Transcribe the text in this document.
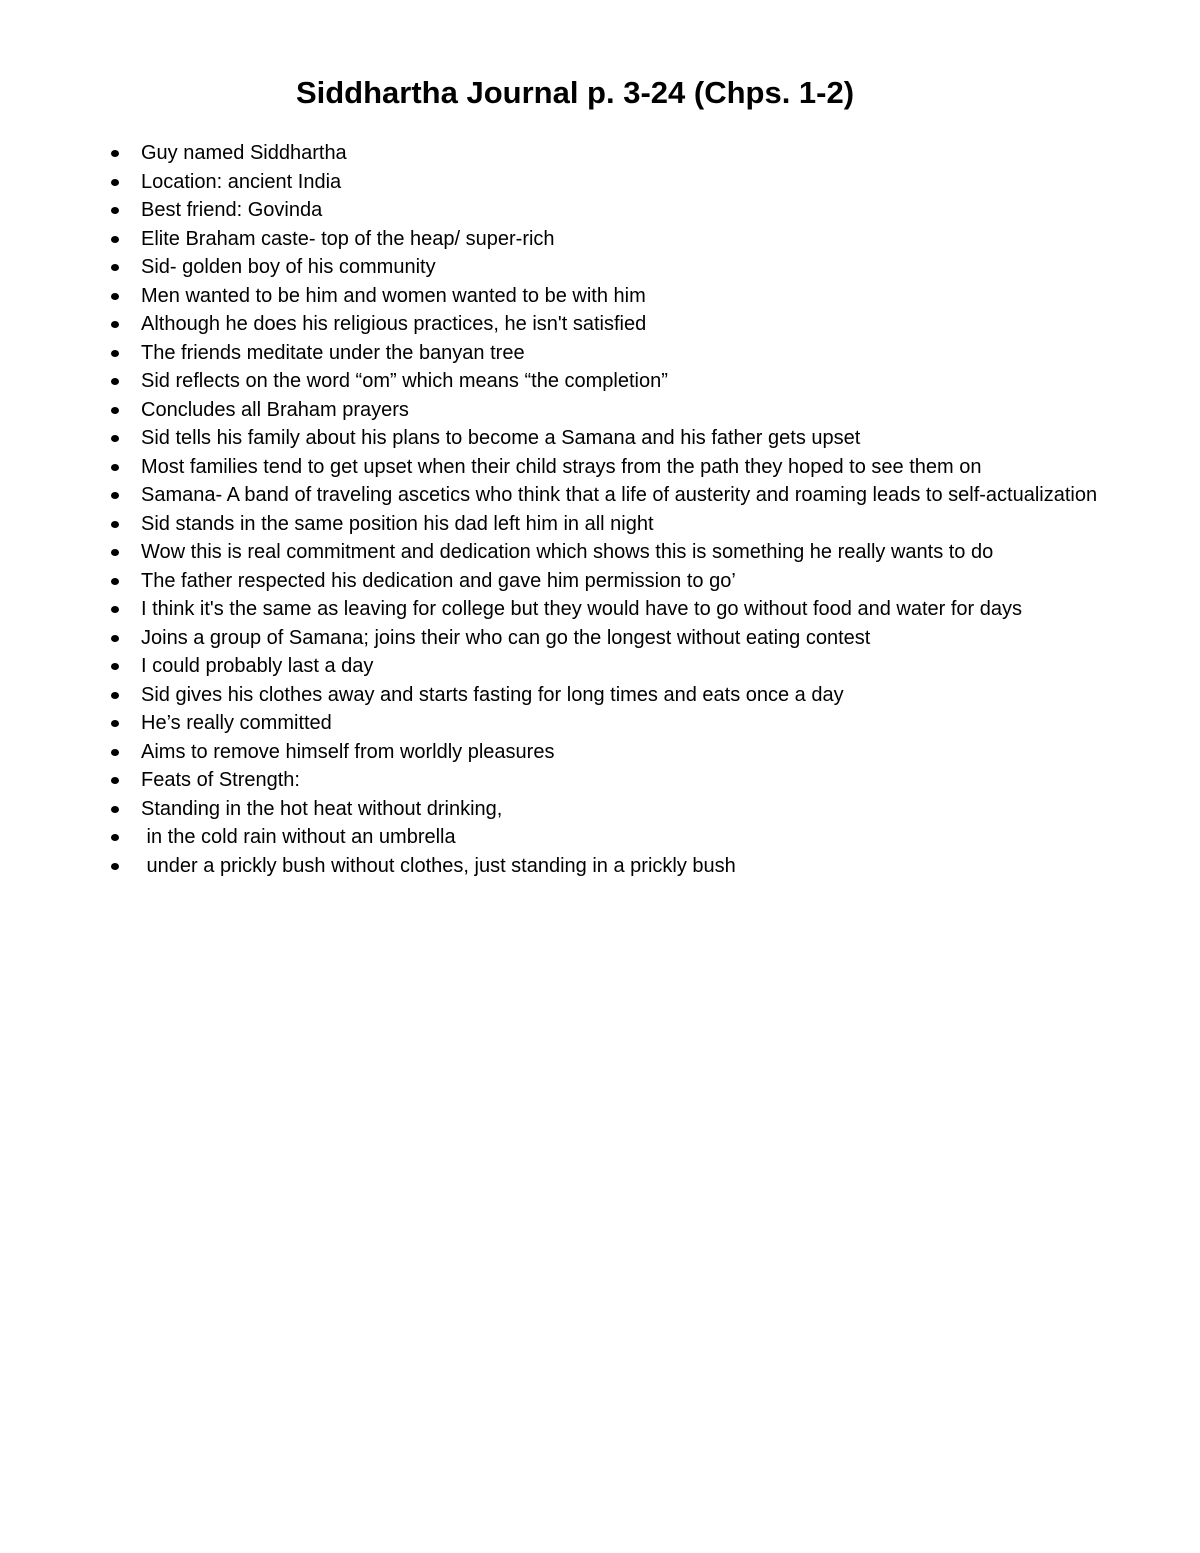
Siddhartha Journal p. 3-24 (Chps. 1-2)
Guy named Siddhartha
Location: ancient India
Best friend: Govinda
Elite Braham caste- top of the heap/ super-rich
Sid- golden boy of his community
Men wanted to be him and women wanted to be with him
Although he does his religious practices, he isn't satisfied
The friends meditate under the banyan tree
Sid reflects on the word “om” which means “the completion”
Concludes all Braham prayers
Sid tells his family about his plans to become a Samana and his father gets upset
Most families tend to get upset when their child strays from the path they hoped to see them on
Samana- A band of traveling ascetics who think that a life of austerity and roaming leads to self-actualization
Sid stands in the same position his dad left him in all night
Wow this is real commitment and dedication which shows this is something he really wants to do
The father respected his dedication and gave him permission to go’
I think it's the same as leaving for college but they would have to go without food and water for days
Joins a group of Samana; joins their who can go the longest without eating contest
I could probably last a day
Sid gives his clothes away and starts fasting for long times and eats once a day
He’s really committed
Aims to remove himself from worldly pleasures
Feats of Strength:
Standing in the hot heat without drinking,
in the cold rain without an umbrella
under a prickly bush without clothes, just standing in a prickly bush
